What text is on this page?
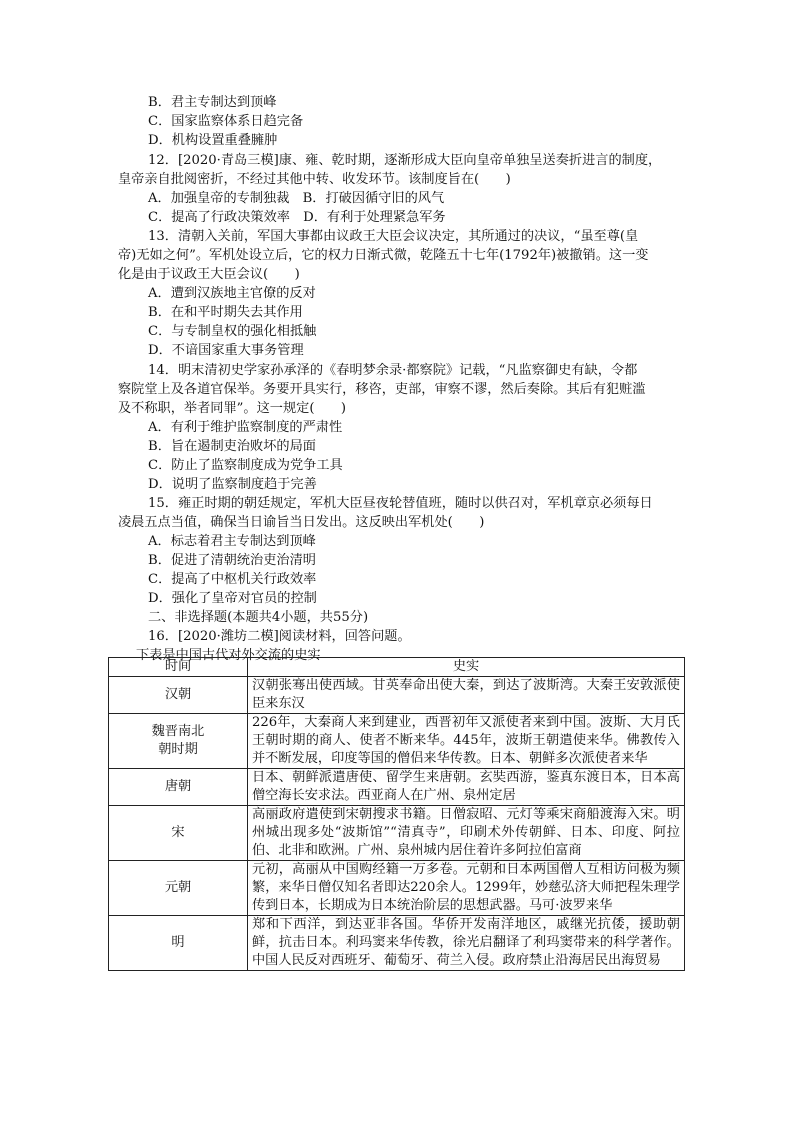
B．君主专制达到顶峰
C．国家监察体系日趋完备
D．机构设置重叠臃肿
12．[2020·青岛三模]康、雍、乾时期，逐渐形成大臣向皇帝单独呈送奏折进言的制度，
皇帝亲自批阅密折，不经过其他中转、收发环节。该制度旨在(　　)
A．加强皇帝的专制独裁　B．打破因循守旧的风气
C．提高了行政决策效率　D．有利于处理紧急军务
13．清朝入关前，军国大事都由议政王大臣会议决定，其所通过的决议，“虽至尊(皇
帝)无如之何”。军机处设立后，它的权力日渐式微，乾隆五十七年(1792年)被撤销。这一变
化是由于议政王大臣会议(　　)
A．遭到汉族地主官僚的反对
B．在和平时期失去其作用
C．与专制皇权的强化相抵触
D．不谙国家重大事务管理
14．明末清初史学家孙承泽的《春明梦余录·都察院》记载，“凡监察御史有缺，令都
察院堂上及各道官保举。务要开具实行，移咨，吏部，审察不谬，然后奏除。其后有犯赃滥
及不称职，举者同罪”。这一规定(　　)
A．有利于维护监察制度的严肃性
B．旨在遏制吏治败坏的局面
C．防止了监察制度成为党争工具
D．说明了监察制度趋于完善
15．雍正时期的朝廷规定，军机大臣昼夜轮替值班，随时以供召对，军机章京必须每日
凌晨五点当值，确保当日谕旨当日发出。这反映出军机处(　　)
A．标志着君主专制达到顶峰
B．促进了清朝统治吏治清明
C．提高了中枢机关行政效率
D．强化了皇帝对官员的控制
二、非选择题(本题共4小题，共55分)
16．[2020·潍坊二模]阅读材料，回答问题。
下表是中国古代对外交流的史实
时间	史实
汉朝	汉朝张骞出使西域。甘英奉命出使大秦，到达了波斯湾。大秦王安敦派使臣来东汉
魏晋南北朝时期	226年，大秦商人来到建业，西晋初年又派使者来到中国。波斯、大月氏王朝时期的商人、使者不断来华。445年，波斯王朝遣使来华。佛教传入并不断发展，印度等国的僧侣来华传教。日本、朝鲜多次派使者来华
唐朝	日本、朝鲜派遣唐使、留学生来唐朝。玄奘西游，鉴真东渡日本，日本高僧空海长安求法。西亚商人在广州、泉州定居
宋	高丽政府遣使到宋朝搜求书籍。日僧寂昭、元灯等乘宋商船渡海入宋。明州城出现多处“波斯馆”“清真寺”，印刷术外传朝鲜、日本、印度、阿拉伯、北非和欧洲。广州、泉州城内居住着许多阿拉伯富商
元朝	元初，高丽从中国购经籍一万多卷。元朝和日本两国僧人互相访问极为频繁，来华日僧仅知名者即达220余人。1299年，妙慈弘济大师把程朱理学传到日本，长期成为日本统治阶层的思想武器。马可·波罗来华
明	郑和下西洋，到达亚非各国。华侨开发南洋地区，戚继光抗倭，援助朝鲜，抗击日本。利玛窦来华传教，徐光启翻译了利玛窦带来的科学著作。中国人民反对西班牙、葡萄牙、荷兰入侵。政府禁止沿海居民出海贸易
